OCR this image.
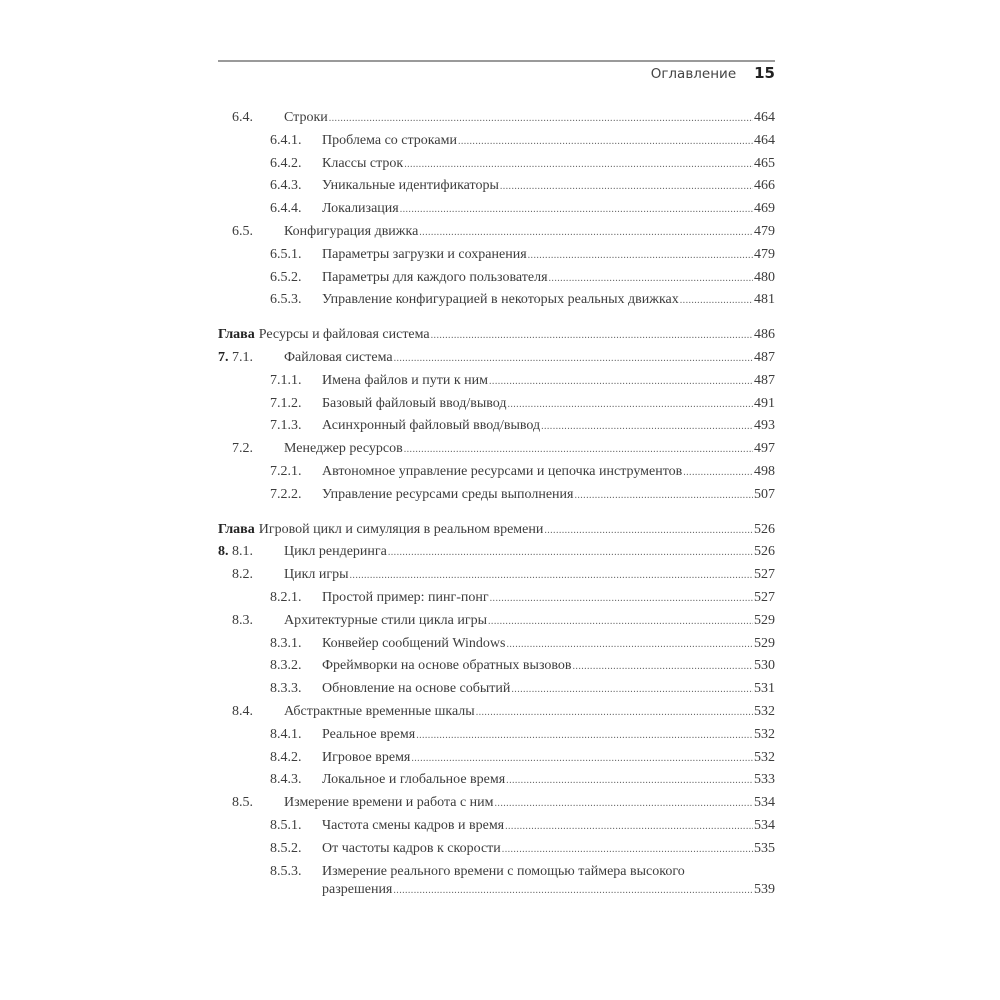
Оглавление 15
6.4.	Строки .....	464
6.4.1.	Проблема со строками .....	464
6.4.2.	Классы строк .....	465
6.4.3.	Уникальные идентификаторы .....	466
6.4.4.	Локализация .....	469
6.5.	Конфигурация движка .....	479
6.5.1.	Параметры загрузки и сохранения .....	479
6.5.2.	Параметры для каждого пользователя .....	480
6.5.3.	Управление конфигурацией в некоторых реальных движках .....	481
Глава 7.
Ресурсы и файловая система .....	486
7.1.	Файловая система .....	487
7.1.1.	Имена файлов и пути к ним .....	487
7.1.2.	Базовый файловый ввод/вывод .....	491
7.1.3.	Асинхронный файловый ввод/вывод .....	493
7.2.	Менеджер ресурсов .....	497
7.2.1.	Автономное управление ресурсами и цепочка инструментов .....	498
7.2.2.	Управление ресурсами среды выполнения .....	507
Глава 8.
Игровой цикл и симуляция в реальном времени .....	526
8.1.	Цикл рендеринга .....	526
8.2.	Цикл игры .....	527
8.2.1.	Простой пример: пинг-понг .....	527
8.3.	Архитектурные стили цикла игры .....	529
8.3.1.	Конвейер сообщений Windows .....	529
8.3.2.	Фреймворки на основе обратных вызовов .....	530
8.3.3.	Обновление на основе событий .....	531
8.4.	Абстрактные временные шкалы .....	532
8.4.1.	Реальное время .....	532
8.4.2.	Игровое время .....	532
8.4.3.	Локальное и глобальное время .....	533
8.5.	Измерение времени и работа с ним .....	534
8.5.1.	Частота смены кадров и время .....	534
8.5.2.	От частоты кадров к скорости .....	535
8.5.3.	Измерение реального времени с помощью таймера высокого
разрешения .....	539
